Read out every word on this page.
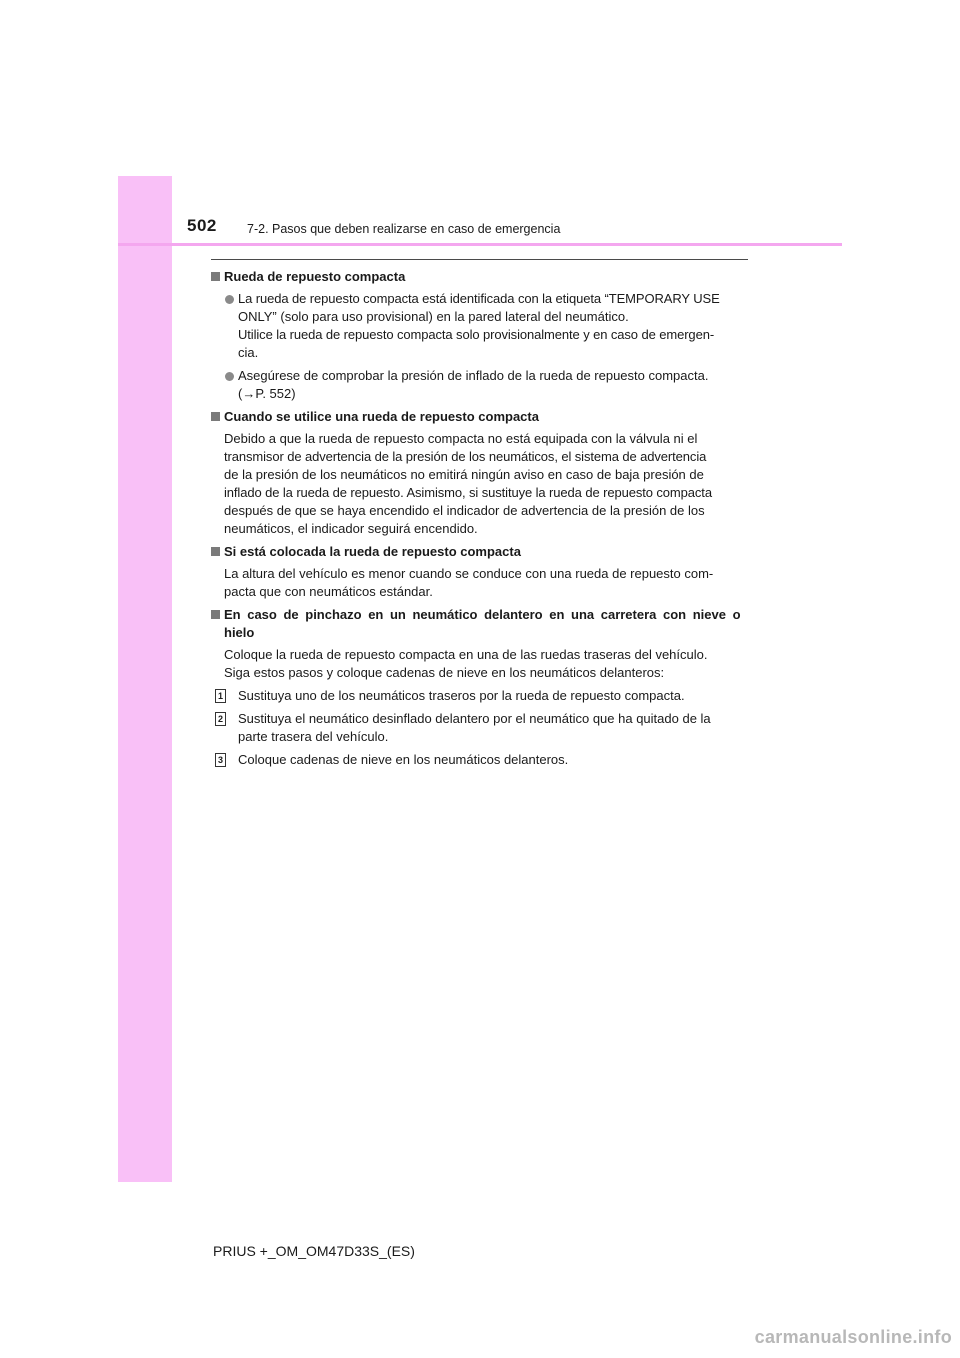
502 7-2. Pasos que deben realizarse en caso de emergencia
Rueda de repuesto compacta
La rueda de repuesto compacta está identificada con la etiqueta “TEMPORARY USE
ONLY” (solo para uso provisional) en la pared lateral del neumático.
Utilice la rueda de repuesto compacta solo provisionalmente y en caso de emergen-
cia.
Asegúrese de comprobar la presión de inflado de la rueda de repuesto compacta.
(→P. 552)
Cuando se utilice una rueda de repuesto compacta
Debido a que la rueda de repuesto compacta no está equipada con la válvula ni el
transmisor de advertencia de la presión de los neumáticos, el sistema de advertencia
de la presión de los neumáticos no emitirá ningún aviso en caso de baja presión de
inflado de la rueda de repuesto. Asimismo, si sustituye la rueda de repuesto compacta
después de que se haya encendido el indicador de advertencia de la presión de los
neumáticos, el indicador seguirá encendido.
Si está colocada la rueda de repuesto compacta
La altura del vehículo es menor cuando se conduce con una rueda de repuesto com-
pacta que con neumáticos estándar.
En caso de pinchazo en un neumático delantero en una carretera con nieve o
hielo
Coloque la rueda de repuesto compacta en una de las ruedas traseras del vehículo.
Siga estos pasos y coloque cadenas de nieve en los neumáticos delanteros:
1 Sustituya uno de los neumáticos traseros por la rueda de repuesto compacta.
2 Sustituya el neumático desinflado delantero por el neumático que ha quitado de la
parte trasera del vehículo.
3 Coloque cadenas de nieve en los neumáticos delanteros.
PRIUS +_OM_OM47D33S_(ES)
carmanualsonline.info
